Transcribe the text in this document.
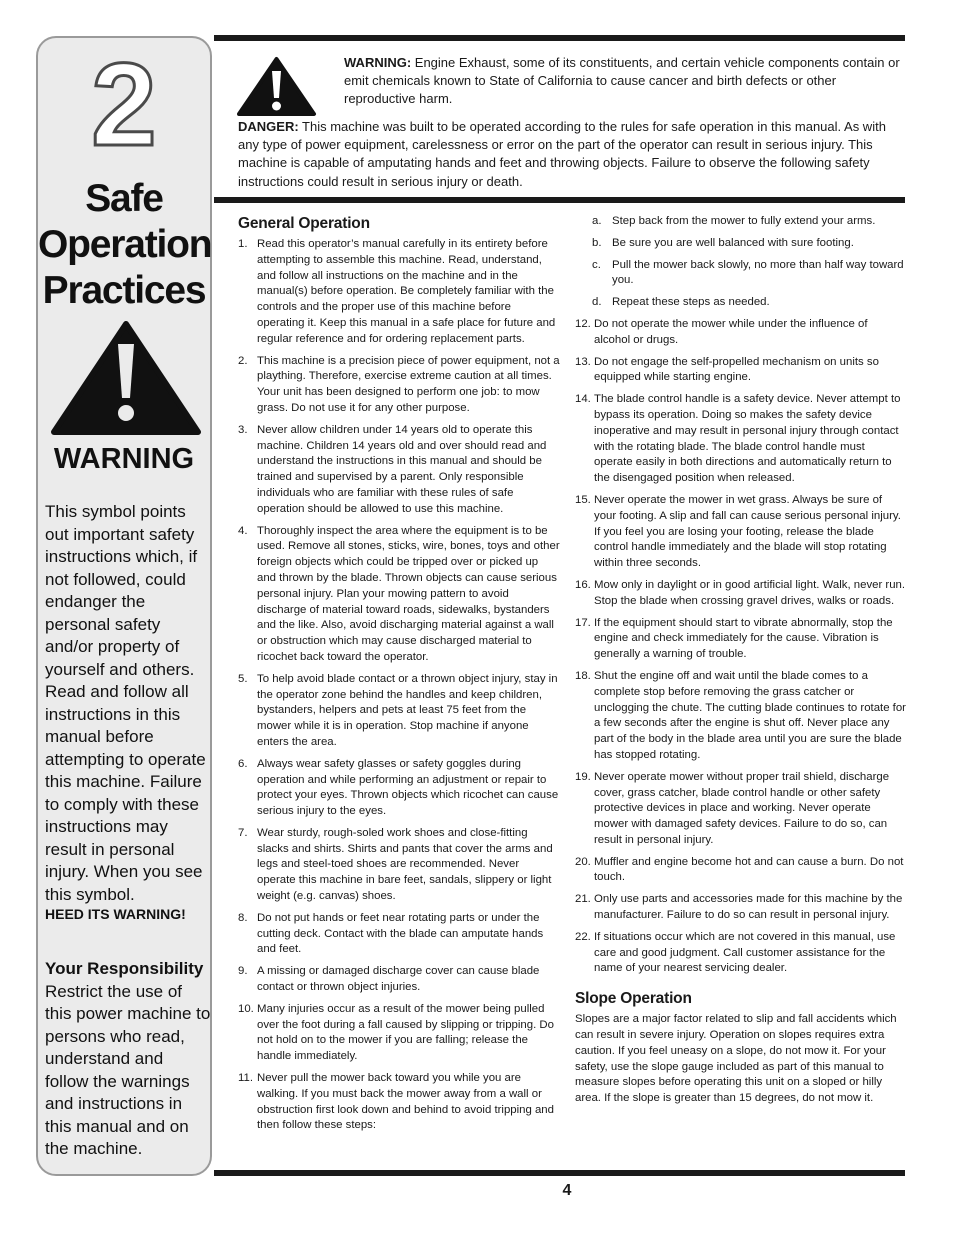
2
Safe
Operation
Practices
WARNING
This symbol points out important safety instructions which, if not followed, could endanger the personal safety and/or property of yourself and others. Read and follow all instructions in this manual before attempting to operate this machine. Failure to comply with these instructions may result in personal injury. When you see this symbol.
HEED ITS WARNING!
Your Responsibility
Restrict the use of this power machine to persons who read, understand and follow the warnings and instructions in this manual and on the machine.
WARNING: Engine Exhaust, some of its constituents, and certain vehicle components contain or emit chemicals known to State of California to cause cancer and birth defects or other reproductive harm.
DANGER: This machine was built to be operated according to the rules for safe operation in this manual. As with any type of power equipment, carelessness or error on the part of the operator can result in serious injury. This machine is capable of amputating hands and feet and throwing objects. Failure to observe the following safety instructions could result in serious injury or death.
General Operation
1. Read this operator’s manual carefully in its entirety before attempting to assemble this machine. Read, understand, and follow all instructions on the machine and in the manual(s) before operation. Be completely familiar with the controls and the proper use of this machine before operating it. Keep this manual in a safe place for future and regular reference and for ordering replacement parts.
2. This machine is a precision piece of power equipment, not a plaything. Therefore, exercise extreme caution at all times. Your unit has been designed to perform one job: to mow grass. Do not use it for any other purpose.
3. Never allow children under 14 years old to operate this machine. Children 14 years old and over should read and understand the instructions in this manual and should be trained and supervised by a parent. Only responsible individuals who are familiar with these rules of safe operation should be allowed to use this machine.
4. Thoroughly inspect the area where the equipment is to be used. Remove all stones, sticks, wire, bones, toys and other foreign objects which could be tripped over or picked up and thrown by the blade. Thrown objects can cause serious personal injury. Plan your mowing pattern to avoid discharge of material toward roads, sidewalks, bystanders and the like. Also, avoid discharging material against a wall or obstruction which may cause discharged material to ricochet back toward the operator.
5. To help avoid blade contact or a thrown object injury, stay in the operator zone behind the handles and keep children, bystanders, helpers and pets at least 75 feet from the mower while it is in operation. Stop machine if anyone enters the area.
6. Always wear safety glasses or safety goggles during operation and while performing an adjustment or repair to protect your eyes. Thrown objects which ricochet can cause serious injury to the eyes.
7. Wear sturdy, rough-soled work shoes and close-fitting slacks and shirts. Shirts and pants that cover the arms and legs and steel-toed shoes are recommended. Never operate this machine in bare feet, sandals, slippery or light weight (e.g. canvas) shoes.
8. Do not put hands or feet near rotating parts or under the cutting deck. Contact with the blade can amputate hands and feet.
9. A missing or damaged discharge cover can cause blade contact or thrown object injuries.
10. Many injuries occur as a result of the mower being pulled over the foot during a fall caused by slipping or tripping. Do not hold on to the mower if you are falling; release the handle immediately.
11. Never pull the mower back toward you while you are walking. If you must back the mower away from a wall or obstruction first look down and behind to avoid tripping and then follow these steps:
a. Step back from the mower to fully extend your arms.
b. Be sure you are well balanced with sure footing.
c. Pull the mower back slowly, no more than half way toward you.
d. Repeat these steps as needed.
12. Do not operate the mower while under the influence of alcohol or drugs.
13. Do not engage the self-propelled mechanism on units so equipped while starting engine.
14. The blade control handle is a safety device. Never attempt to bypass its operation. Doing so makes the safety device inoperative and may result in personal injury through contact with the rotating blade. The blade control handle must operate easily in both directions and automatically return to the disengaged position when released.
15. Never operate the mower in wet grass. Always be sure of your footing. A slip and fall can cause serious personal injury. If you feel you are losing your footing, release the blade control handle immediately and the blade will stop rotating within three seconds.
16. Mow only in daylight or in good artificial light. Walk, never run. Stop the blade when crossing gravel drives, walks or roads.
17. If the equipment should start to vibrate abnormally, stop the engine and check immediately for the cause. Vibration is generally a warning of trouble.
18. Shut the engine off and wait until the blade comes to a complete stop before removing the grass catcher or unclogging the chute. The cutting blade continues to rotate for a few seconds after the engine is shut off. Never place any part of the body in the blade area until you are sure the blade has stopped rotating.
19. Never operate mower without proper trail shield, discharge cover, grass catcher, blade control handle or other safety protective devices in place and working. Never operate mower with damaged safety devices. Failure to do so, can result in personal injury.
20. Muffler and engine become hot and can cause a burn. Do not touch.
21. Only use parts and accessories made for this machine by the manufacturer. Failure to do so can result in personal injury.
22. If situations occur which are not covered in this manual, use care and good judgment. Call customer assistance for the name of your nearest servicing dealer.
Slope Operation

Slopes are a major factor related to slip and fall accidents which can result in severe injury. Operation on slopes requires extra caution. If you feel uneasy on a slope, do not mow it. For your safety, use the slope gauge included as part of this manual to measure slopes before operating this unit on a sloped or hilly area. If the slope is greater than 15 degrees, do not mow it.

4
